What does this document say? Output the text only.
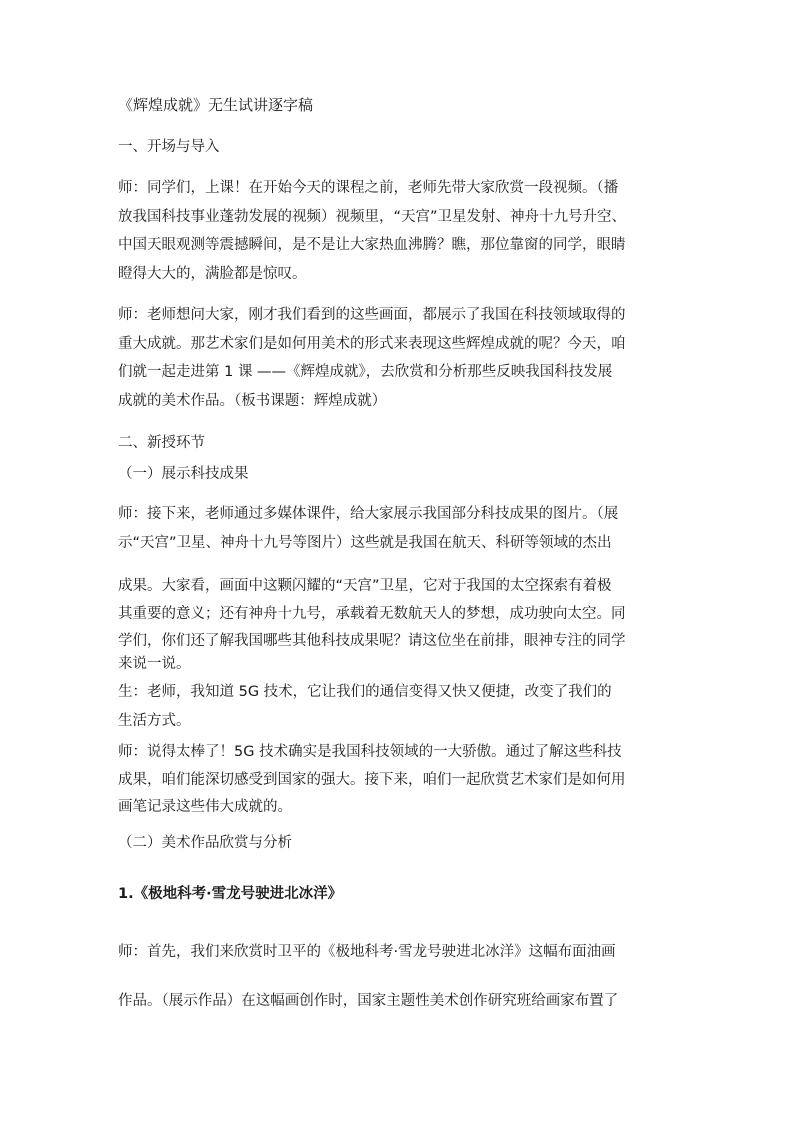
《辉煌成就》无生试讲逐字稿
一、开场与导入
师：同学们，上课！在开始今天的课程之前，老师先带大家欣赏一段视频。（播
放我国科技事业蓬勃发展的视频）视频里，“天宫”卫星发射、神舟十九号升空、
中国天眼观测等震撼瞬间，是不是让大家热血沸腾？瞧，那位靠窗的同学，眼睛
瞪得大大的，满脸都是惊叹。
师：老师想问大家，刚才我们看到的这些画面，都展示了我国在科技领域取得的
重大成就。那艺术家们是如何用美术的形式来表现这些辉煌成就的呢？今天，咱
们就一起走进第 1 课 ——《辉煌成就》，去欣赏和分析那些反映我国科技发展
成就的美术作品。（板书课题：辉煌成就）
二、新授环节
（一）展示科技成果
师：接下来，老师通过多媒体课件，给大家展示我国部分科技成果的图片。（展
示“天宫”卫星、神舟十九号等图片）这些就是我国在航天、科研等领域的杰出
成果。大家看，画面中这颗闪耀的“天宫”卫星，它对于我国的太空探索有着极
其重要的意义；还有神舟十九号，承载着无数航天人的梦想，成功驶向太空。同
学们，你们还了解我国哪些其他科技成果呢？请这位坐在前排，眼神专注的同学
来说一说。
生：老师，我知道 5G 技术，它让我们的通信变得又快又便捷，改变了我们的
生活方式。
师：说得太棒了！5G 技术确实是我国科技领域的一大骄傲。通过了解这些科技
成果，咱们能深切感受到国家的强大。接下来，咱们一起欣赏艺术家们是如何用
画笔记录这些伟大成就的。
（二）美术作品欣赏与分析
1.《极地科考·雪龙号驶进北冰洋》
师：首先，我们来欣赏时卫平的《极地科考·雪龙号驶进北冰洋》这幅布面油画
作品。（展示作品）在这幅画创作时，国家主题性美术创作研究班给画家布置了
